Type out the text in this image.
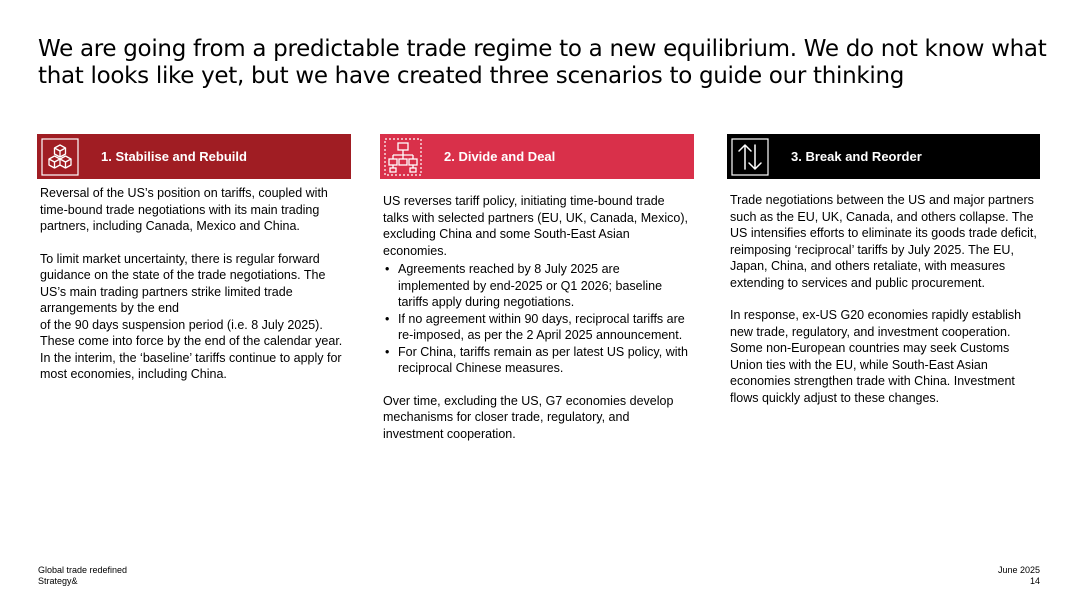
We are going from a predictable trade regime to a new equilibrium. We do not know what
that looks like yet, but we have created three scenarios to guide our thinking
1. Stabilise and Rebuild

Reversal of the US’s position on tariffs, coupled with time-bound trade negotiations with its main trading partners, including Canada, Mexico and China.

To limit market uncertainty, there is regular forward guidance on the state of the trade negotiations. The US’s main trading partners strike limited trade arrangements by the end

of the 90 days suspension period (i.e. 8 July 2025). These come into force by the end of the calendar year. In the interim, the ‘baseline’ tariffs continue to apply for most economies, including China.

2. Divide and Deal

US reverses tariff policy, initiating time-bound trade talks with selected partners (EU, UK, Canada, Mexico), excluding China and some South-East Asian economies.

• Agreements reached by 8 July 2025 are implemented by end-2025 or Q1 2026; baseline tariffs apply during negotiations.
• If no agreement within 90 days, reciprocal tariffs are re-imposed, as per the 2 April 2025 announcement.
• For China, tariffs remain as per latest US policy, with reciprocal Chinese measures.

Over time, excluding the US, G7 economies develop mechanisms for closer trade, regulatory, and investment cooperation.

3. Break and Reorder

Trade negotiations between the US and major partners such as the EU, UK, Canada, and others collapse. The US intensifies efforts to eliminate its goods trade deficit, reimposing ‘reciprocal’ tariffs by July 2025. The EU, Japan, China, and others retaliate, with measures extending to services and public procurement.

In response, ex-US G20 economies rapidly establish new trade, regulatory, and investment cooperation. Some non-European countries may seek Customs Union ties with the EU, while South-East Asian economies strengthen trade with China. Investment flows quickly adjust to these changes.

Global trade redefined
Strategy&
June 2025
14
